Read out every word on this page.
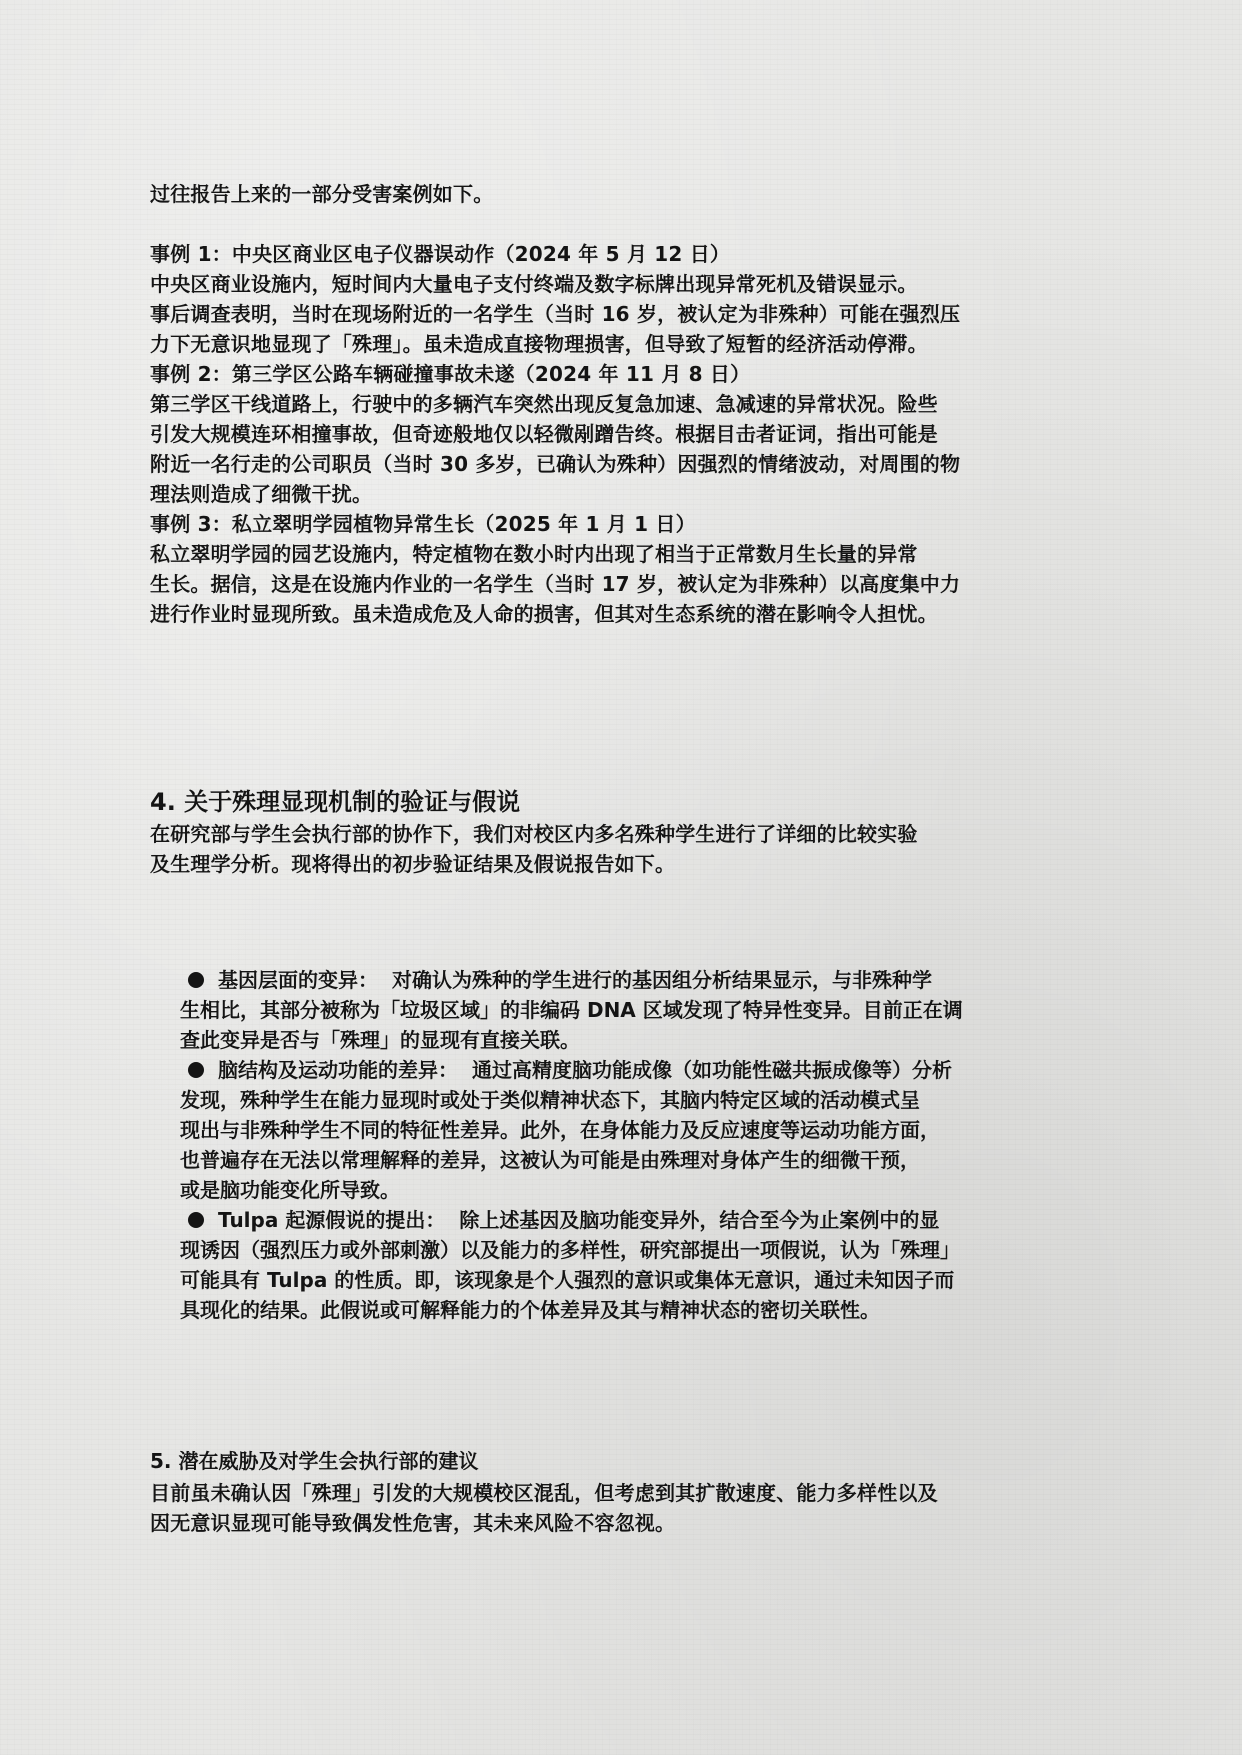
过往报告上来的一部分受害案例如下。
事例 1：中央区商业区电子仪器误动作（2024 年 5 月 12 日）
中央区商业设施内，短时间内大量电子支付终端及数字标牌出现异常死机及错误显示。
事后调查表明，当时在现场附近的一名学生（当时 16 岁，被认定为非殊种）可能在强烈压
力下无意识地显现了「殊理」。虽未造成直接物理损害，但导致了短暂的经济活动停滞。
事例 2：第三学区公路车辆碰撞事故未遂（2024 年 11 月 8 日）
第三学区干线道路上，行驶中的多辆汽车突然出现反复急加速、急减速的异常状况。险些
引发大规模连环相撞事故，但奇迹般地仅以轻微剐蹭告终。根据目击者证词，指出可能是
附近一名行走的公司职员（当时 30 多岁，已确认为殊种）因强烈的情绪波动，对周围的物
理法则造成了细微干扰。
事例 3：私立翠明学园植物异常生长（2025 年 1 月 1 日）
私立翠明学园的园艺设施内，特定植物在数小时内出现了相当于正常数月生长量的异常
生长。据信，这是在设施内作业的一名学生（当时 17 岁，被认定为非殊种）以高度集中力
进行作业时显现所致。虽未造成危及人命的损害，但其对生态系统的潜在影响令人担忧。
4. 关于殊理显现机制的验证与假说
在研究部与学生会执行部的协作下，我们对校区内多名殊种学生进行了详细的比较实验
及生理学分析。现将得出的初步验证结果及假说报告如下。
基因层面的变异： 对确认为殊种的学生进行的基因组分析结果显示，与非殊种学
生相比，其部分被称为「垃圾区域」的非编码 DNA 区域发现了特异性变异。目前正在调
查此变异是否与「殊理」的显现有直接关联。
脑结构及运动功能的差异： 通过高精度脑功能成像（如功能性磁共振成像等）分析
发现，殊种学生在能力显现时或处于类似精神状态下，其脑内特定区域的活动模式呈
现出与非殊种学生不同的特征性差异。此外，在身体能力及反应速度等运动功能方面，
也普遍存在无法以常理解释的差异，这被认为可能是由殊理对身体产生的细微干预，
或是脑功能变化所导致。
Tulpa 起源假说的提出： 除上述基因及脑功能变异外，结合至今为止案例中的显
现诱因（强烈压力或外部刺激）以及能力的多样性，研究部提出一项假说，认为「殊理」
可能具有 Tulpa 的性质。即，该现象是个人强烈的意识或集体无意识，通过未知因子而
具现化的结果。此假说或可解释能力的个体差异及其与精神状态的密切关联性。
5. 潜在威胁及对学生会执行部的建议
目前虽未确认因「殊理」引发的大规模校区混乱，但考虑到其扩散速度、能力多样性以及
因无意识显现可能导致偶发性危害，其未来风险不容忽视。
